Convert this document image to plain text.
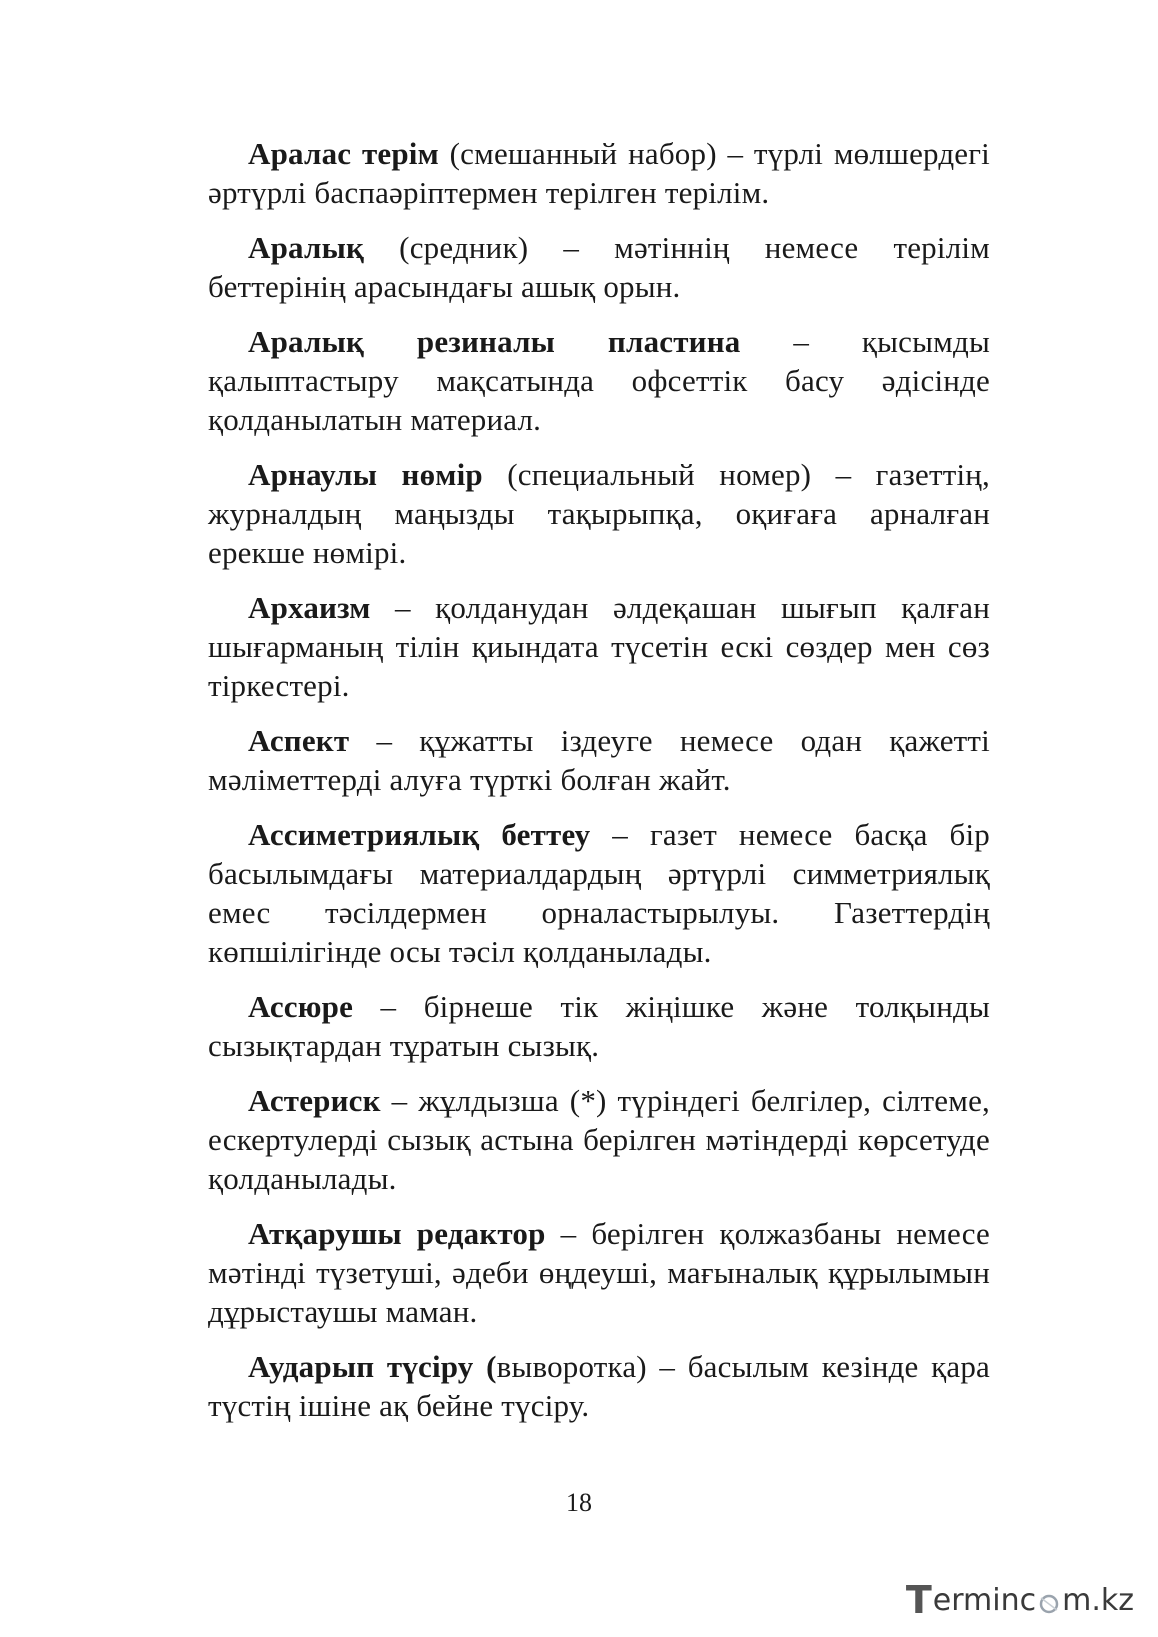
Аралас терім (смешанный набор) – түрлі мөлшердегі әртүрлі баспаәріптермен терілген терілім.

Аралық (средник) – мәтіннің немесе терілім беттерінің арасындағы ашық орын.

Аралық резиналы пластина – қысымды қалыптастыру мақсатында офсеттік басу әдісінде қолданылатын материал.

Арнаулы нөмір (специальный номер) – газеттің, журналдың маңызды тақырыпқа, оқиғаға арналған ерекше нөмірі.

Архаизм – қолданудан әлдеқашан шығып қалған шығарманың тілін қиындата түсетін ескі сөздер мен сөз тіркестері.

Аспект – құжатты іздеуге немесе одан қажетті мәліметтерді алуға түрткі болған жайт.

Ассиметриялық беттеу – газет немесе басқа бір басылымдағы материалдардың әртүрлі симметриялық емес тәсілдермен орналастырылуы. Газеттердің көпшілігінде осы тәсіл қолданылады.

Ассюре – бірнеше тік жіңішке және толқынды сызықтардан тұратын сызық.

Астериск – жұлдызша (*) түріндегі белгілер, сілтеме, ескертулерді сызық астына берілген мәтіндерді көрсетуде қолданылады.

Атқарушы редактор – берілген қолжазбаны немесе мәтінді түзетуші, әдеби өңдеуші, мағыналық құрылымын дұрыстаушы маман.

Аударып түсіру (выворотка) – басылым кезінде қара түстің ішіне ақ бейне түсіру.

18
T erminc m.kz
